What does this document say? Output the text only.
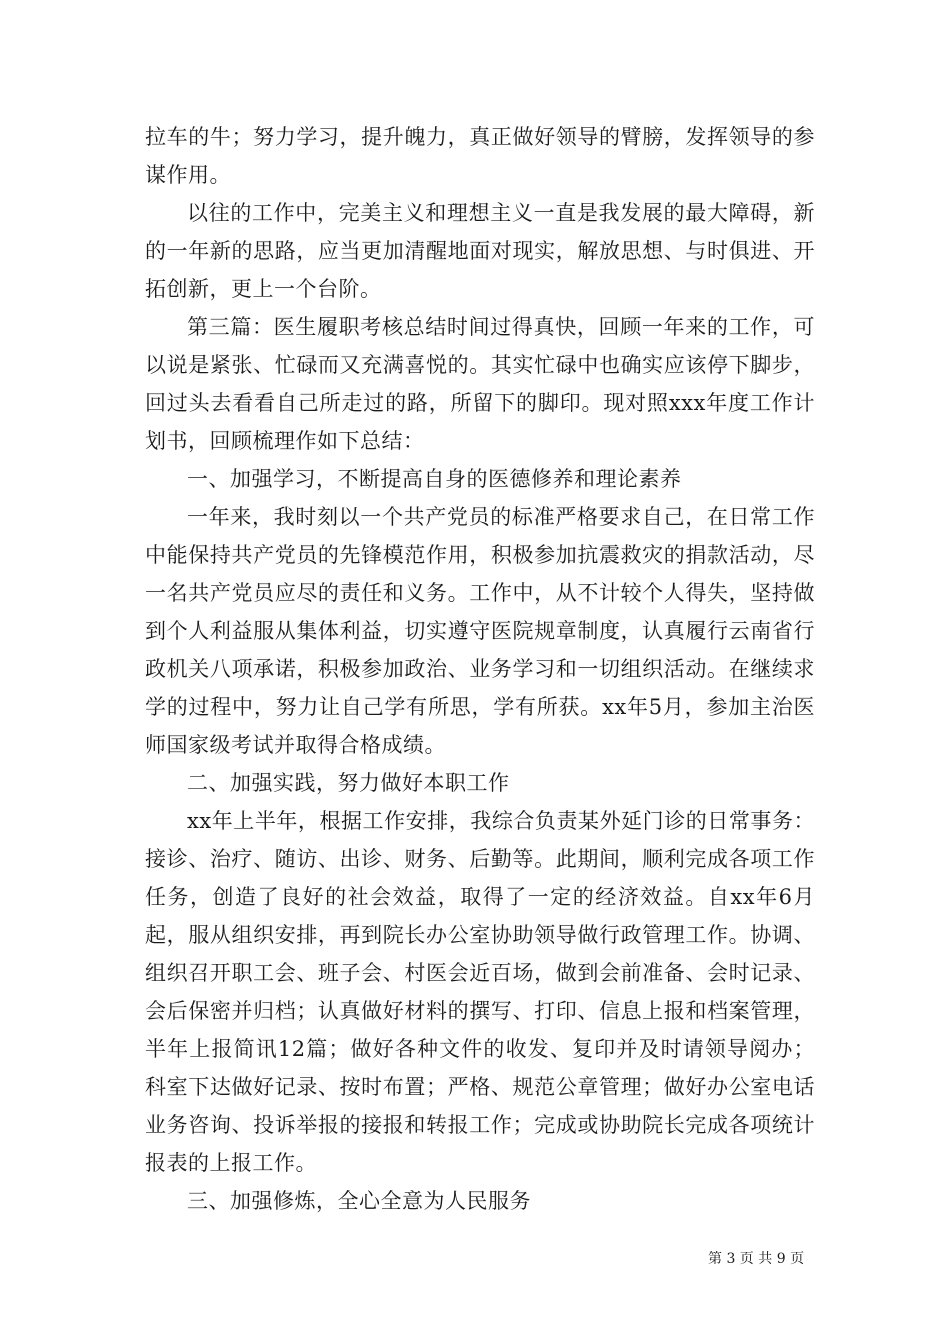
拉车的牛；努力学习，提升魄力，真正做好领导的臂膀，发挥领导的参谋作用。

以往的工作中，完美主义和理想主义一直是我发展的最大障碍，新的一年新的思路，应当更加清醒地面对现实，解放思想、与时俱进、开拓创新，更上一个台阶。

第三篇：医生履职考核总结时间过得真快，回顾一年来的工作，可以说是紧张、忙碌而又充满喜悦的。其实忙碌中也确实应该停下脚步，回过头去看看自己所走过的路，所留下的脚印。现对照xxx年度工作计划书，回顾梳理作如下总结：

一、加强学习，不断提高自身的医德修养和理论素养

一年来，我时刻以一个共产党员的标准严格要求自己，在日常工作中能保持共产党员的先锋模范作用，积极参加抗震救灾的捐款活动，尽一名共产党员应尽的责任和义务。工作中，从不计较个人得失，坚持做到个人利益服从集体利益，切实遵守医院规章制度，认真履行云南省行政机关八项承诺，积极参加政治、业务学习和一切组织活动。在继续求学的过程中，努力让自己学有所思，学有所获。xx年5月，参加主治医师国家级考试并取得合格成绩。

二、加强实践，努力做好本职工作

xx年上半年，根据工作安排，我综合负责某外延门诊的日常事务：接诊、治疗、随访、出诊、财务、后勤等。此期间，顺利完成各项工作任务，创造了良好的社会效益，取得了一定的经济效益。自xx年6月起，服从组织安排，再到院长办公室协助领导做行政管理工作。协调、组织召开职工会、班子会、村医会近百场，做到会前准备、会时记录、会后保密并归档；认真做好材料的撰写、打印、信息上报和档案管理，半年上报简讯12篇；做好各种文件的收发、复印并及时请领导阅办；科室下达做好记录、按时布置；严格、规范公章管理；做好办公室电话业务咨询、投诉举报的接报和转报工作；完成或协助院长完成各项统计报表的上报工作。

三、加强修炼，全心全意为人民服务

第 3 页 共 9 页
